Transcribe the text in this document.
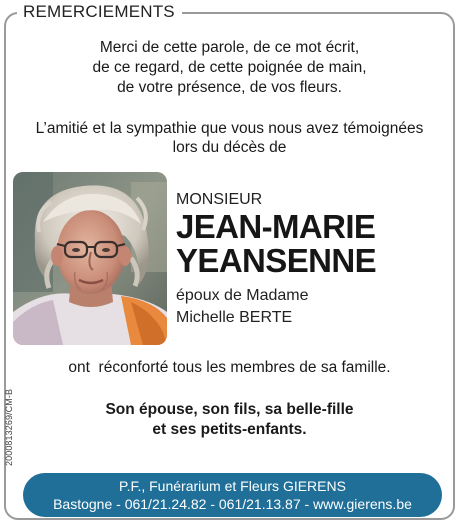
REMERCIEMENTS
Merci de cette parole, de ce mot écrit,
de ce regard, de cette poignée de main,
de votre présence, de vos fleurs.
L’amitié et la sympathie que vous nous avez témoignées
lors du décès de
MONSIEUR
JEAN-MARIE
YEANSENNE
époux de Madame
Michelle BERTE
ont  réconforté tous les membres de sa famille.
Son épouse, son fils, sa belle-fille
et ses petits-enfants.
2000813269/CM-B
P.F., Funérarium et Fleurs GIERENS
Bastogne - 061/21.24.82 - 061/21.13.87 - www.gierens.be
